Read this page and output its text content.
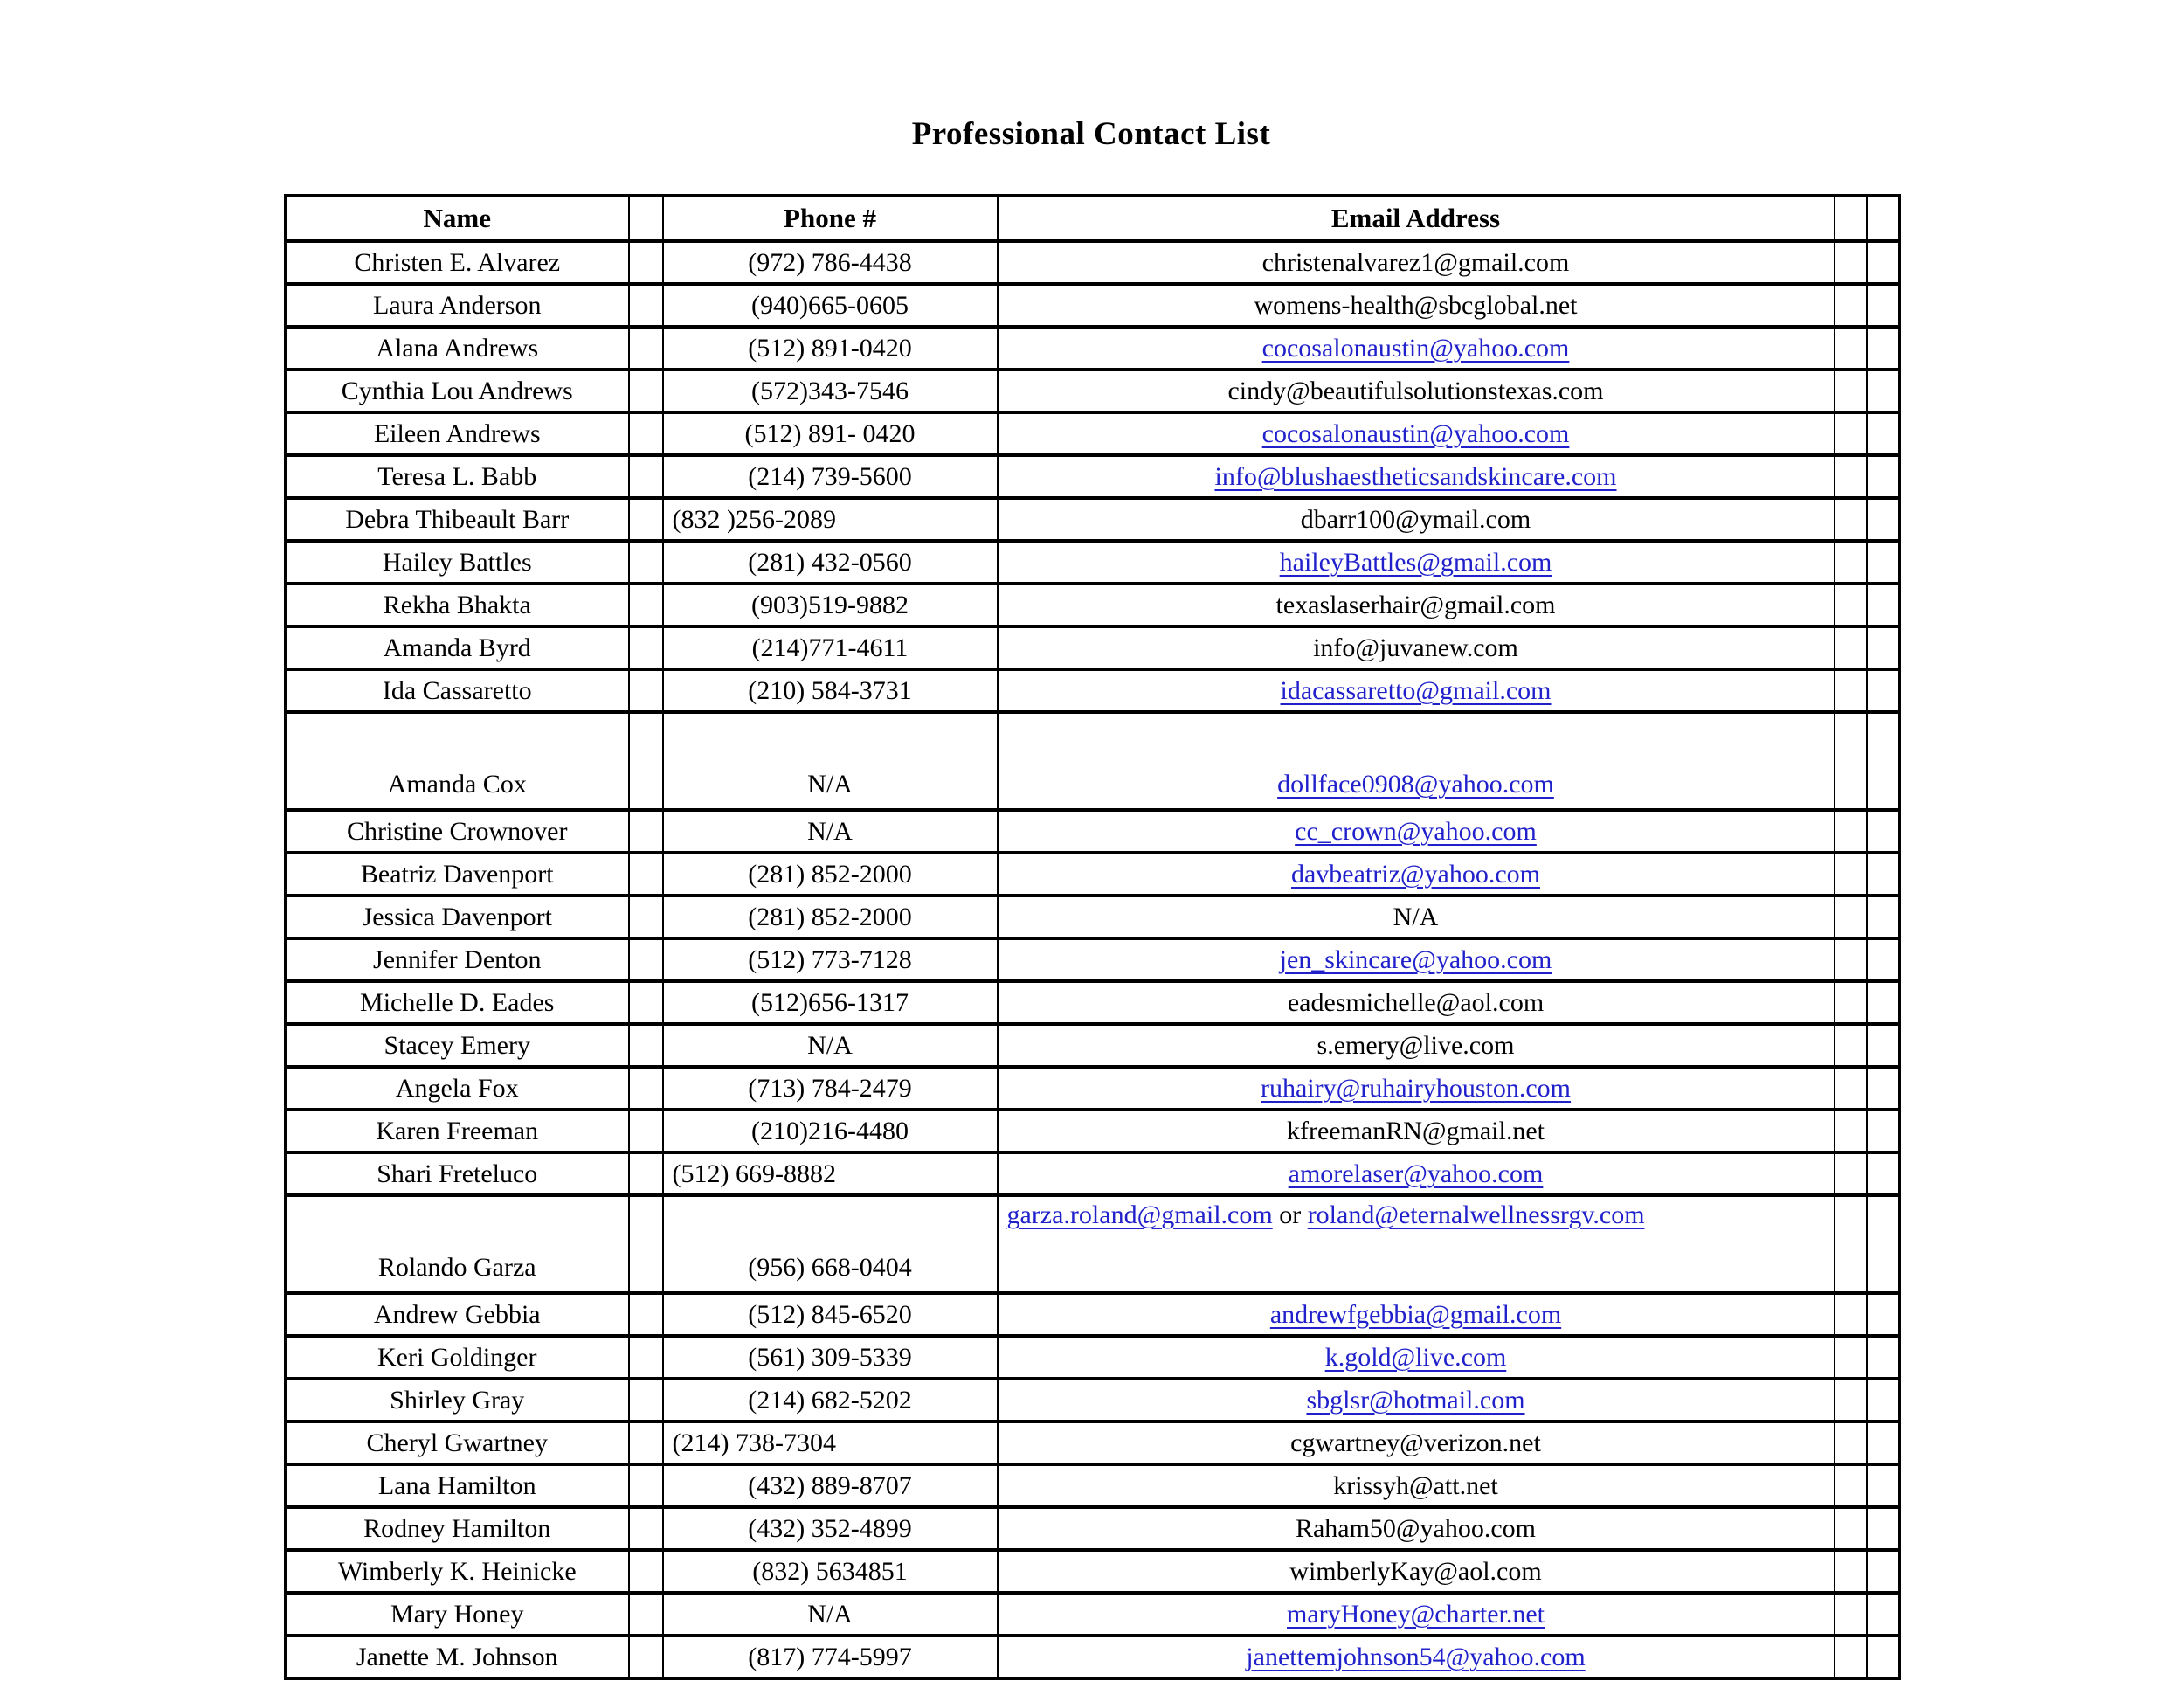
Professional Contact List
Name		Phone #	Email Address		
Christen E. Alvarez		(972) 786-4438	christenalvarez1@gmail.com		
Laura Anderson		(940)665-0605	womens-health@sbcglobal.net		
Alana Andrews		(512) 891-0420	cocosalonaustin@yahoo.com		
Cynthia Lou Andrews		(572)343-7546	cindy@beautifulsolutionstexas.com		
Eileen Andrews		(512) 891- 0420	cocosalonaustin@yahoo.com		
Teresa L. Babb		(214) 739-5600	info@blushaestheticsandskincare.com		
Debra Thibeault Barr		(832 )256-2089	dbarr100@ymail.com		
Hailey Battles		(281) 432-0560	haileyBattles@gmail.com		
Rekha Bhakta		(903)519-9882	texaslaserhair@gmail.com		
Amanda Byrd		(214)771-4611	info@juvanew.com		
Ida Cassaretto		(210) 584-3731	idacassaretto@gmail.com		
Amanda Cox		N/A	dollface0908@yahoo.com		
Christine Crownover		N/A	cc_crown@yahoo.com		
Beatriz Davenport		(281) 852-2000	davbeatriz@yahoo.com		
Jessica Davenport		(281) 852-2000	N/A		
Jennifer Denton		(512) 773-7128	jen_skincare@yahoo.com		
Michelle D. Eades		(512)656-1317	eadesmichelle@aol.com		
Stacey Emery		N/A	s.emery@live.com		
Angela Fox		(713) 784-2479	ruhairy@ruhairyhouston.com		
Karen Freeman		(210)216-4480	kfreemanRN@gmail.net		
Shari Freteluco		(512) 669-8882	amorelaser@yahoo.com		
Rolando Garza		(956) 668-0404	garza.roland@gmail.com or roland@eternalwellnessrgv.com		
Andrew Gebbia		(512) 845-6520	andrewfgebbia@gmail.com		
Keri Goldinger		(561) 309-5339	k.gold@live.com		
Shirley Gray		(214) 682-5202	sbglsr@hotmail.com		
Cheryl Gwartney		(214) 738-7304	cgwartney@verizon.net		
Lana Hamilton		(432) 889-8707	krissyh@att.net		
Rodney Hamilton		(432) 352-4899	Raham50@yahoo.com		
Wimberly K. Heinicke		(832) 5634851	wimberlyKay@aol.com		
Mary Honey		N/A	maryHoney@charter.net		
Janette M. Johnson		(817) 774-5997	janettemjohnson54@yahoo.com		
